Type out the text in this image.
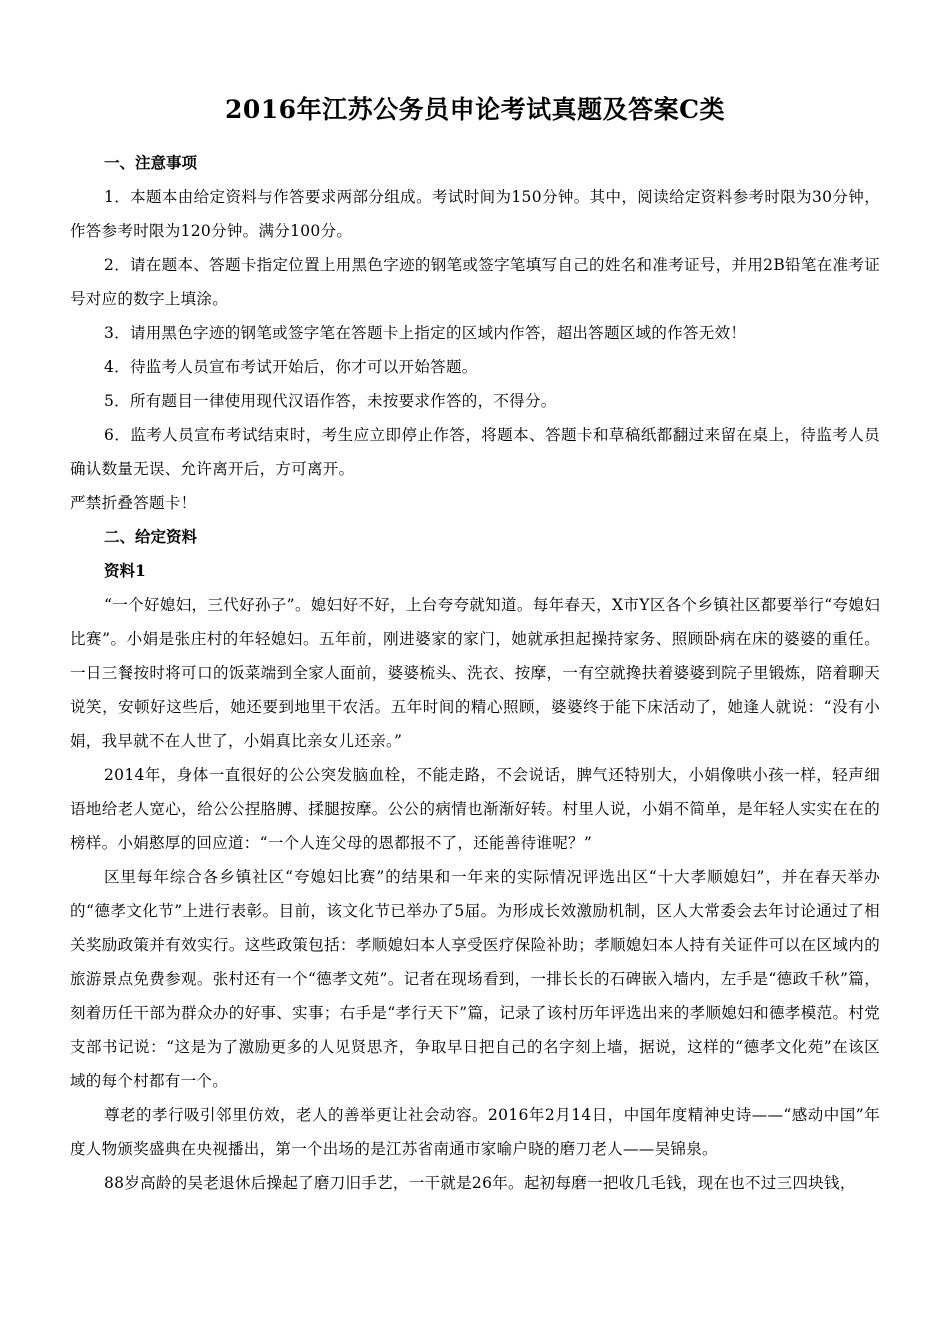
2016年江苏公务员申论考试真题及答案C类

一、注意事项

1．本题本由给定资料与作答要求两部分组成。考试时间为150分钟。其中，阅读给定资料参考时限为30分钟，作答参考时限为120分钟。满分100分。

2．请在题本、答题卡指定位置上用黑色字迹的钢笔或签字笔填写自己的姓名和准考证号，并用2B铅笔在准考证号对应的数字上填涂。

3．请用黑色字迹的钢笔或签字笔在答题卡上指定的区域内作答，超出答题区域的作答无效！

4．待监考人员宣布考试开始后，你才可以开始答题。

5．所有题目一律使用现代汉语作答，未按要求作答的，不得分。

6．监考人员宣布考试结束时，考生应立即停止作答，将题本、答题卡和草稿纸都翻过来留在桌上，待监考人员确认数量无误、允许离开后，方可离开。

严禁折叠答题卡！

二、给定资料

资料1

“一个好媳妇，三代好孙子”。媳妇好不好，上台夸夸就知道。每年春天，X市Y区各个乡镇社区都要举行“夸媳妇比赛”。小娟是张庄村的年轻媳妇。五年前，刚进婆家的家门，她就承担起操持家务、照顾卧病在床的婆婆的重任。一日三餐按时将可口的饭菜端到全家人面前，婆婆梳头、洗衣、按摩，一有空就搀扶着婆婆到院子里锻炼，陪着聊天说笑，安顿好这些后，她还要到地里干农活。五年时间的精心照顾，婆婆终于能下床活动了，她逢人就说：“没有小娟，我早就不在人世了，小娟真比亲女儿还亲。”

2014年，身体一直很好的公公突发脑血栓，不能走路，不会说话，脾气还特别大，小娟像哄小孩一样，轻声细语地给老人宽心，给公公捏胳膊、揉腿按摩。公公的病情也渐渐好转。村里人说，小娟不简单，是年轻人实实在在的榜样。小娟憨厚的回应道：“一个人连父母的恩都报不了，还能善待谁呢？”

区里每年综合各乡镇社区“夸媳妇比赛”的结果和一年来的实际情况评选出区“十大孝顺媳妇”，并在春天举办的“德孝文化节”上进行表彰。目前，该文化节已举办了5届。为形成长效激励机制，区人大常委会去年讨论通过了相关奖励政策并有效实行。这些政策包括：孝顺媳妇本人享受医疗保险补助；孝顺媳妇本人持有关证件可以在区域内的旅游景点免费参观。张村还有一个“德孝文苑”。记者在现场看到，一排长长的石碑嵌入墙内，左手是“德政千秋”篇，刻着历任干部为群众办的好事、实事；右手是“孝行天下”篇，记录了该村历年评选出来的孝顺媳妇和德孝模范。村党支部书记说：“这是为了激励更多的人见贤思齐，争取早日把自己的名字刻上墙，据说，这样的“德孝文化苑”在该区域的每个村都有一个。

尊老的孝行吸引邻里仿效，老人的善举更让社会动容。2016年2月14日，中国年度精神史诗——“感动中国”年度人物颁奖盛典在央视播出，第一个出场的是江苏省南通市家喻户晓的磨刀老人——吴锦泉。

88岁高龄的吴老退休后操起了磨刀旧手艺，一干就是26年。起初每磨一把收几毛钱，现在也不过三四块钱，
